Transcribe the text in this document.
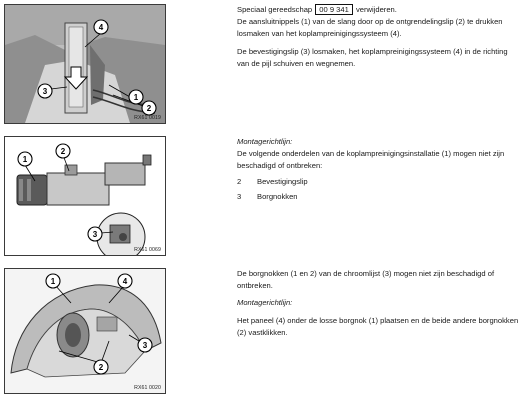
4
3
1
2
RX61 0019
1
2
3
RX61 0069
1	4
3
2
RX61 0020

Speciaal gereedschap 00 9 341 verwijderen.

De aansluitnippels (1) van de slang door op de ontgrendelingslip (2) te drukken losmaken van het koplampreinigingssysteem (4).

De bevestigingslip (3) losmaken, het koplampreinigingssysteem (4) in de richting van de pijl schuiven en wegnemen.

Montagerichtlijn:

De volgende onderdelen van de koplampreinigingsinstallatie (1) mogen niet zijn beschadigd of ontbreken:

2	Bevestigingslip
3	Borgnokken

De borgnokken (1 en 2) van de chroomlijst (3) mogen niet zijn beschadigd of ontbreken.

Montagerichtlijn:

Het paneel (4) onder de losse borgnok (1) plaatsen en de beide andere borgnokken (2) vastklikken.
